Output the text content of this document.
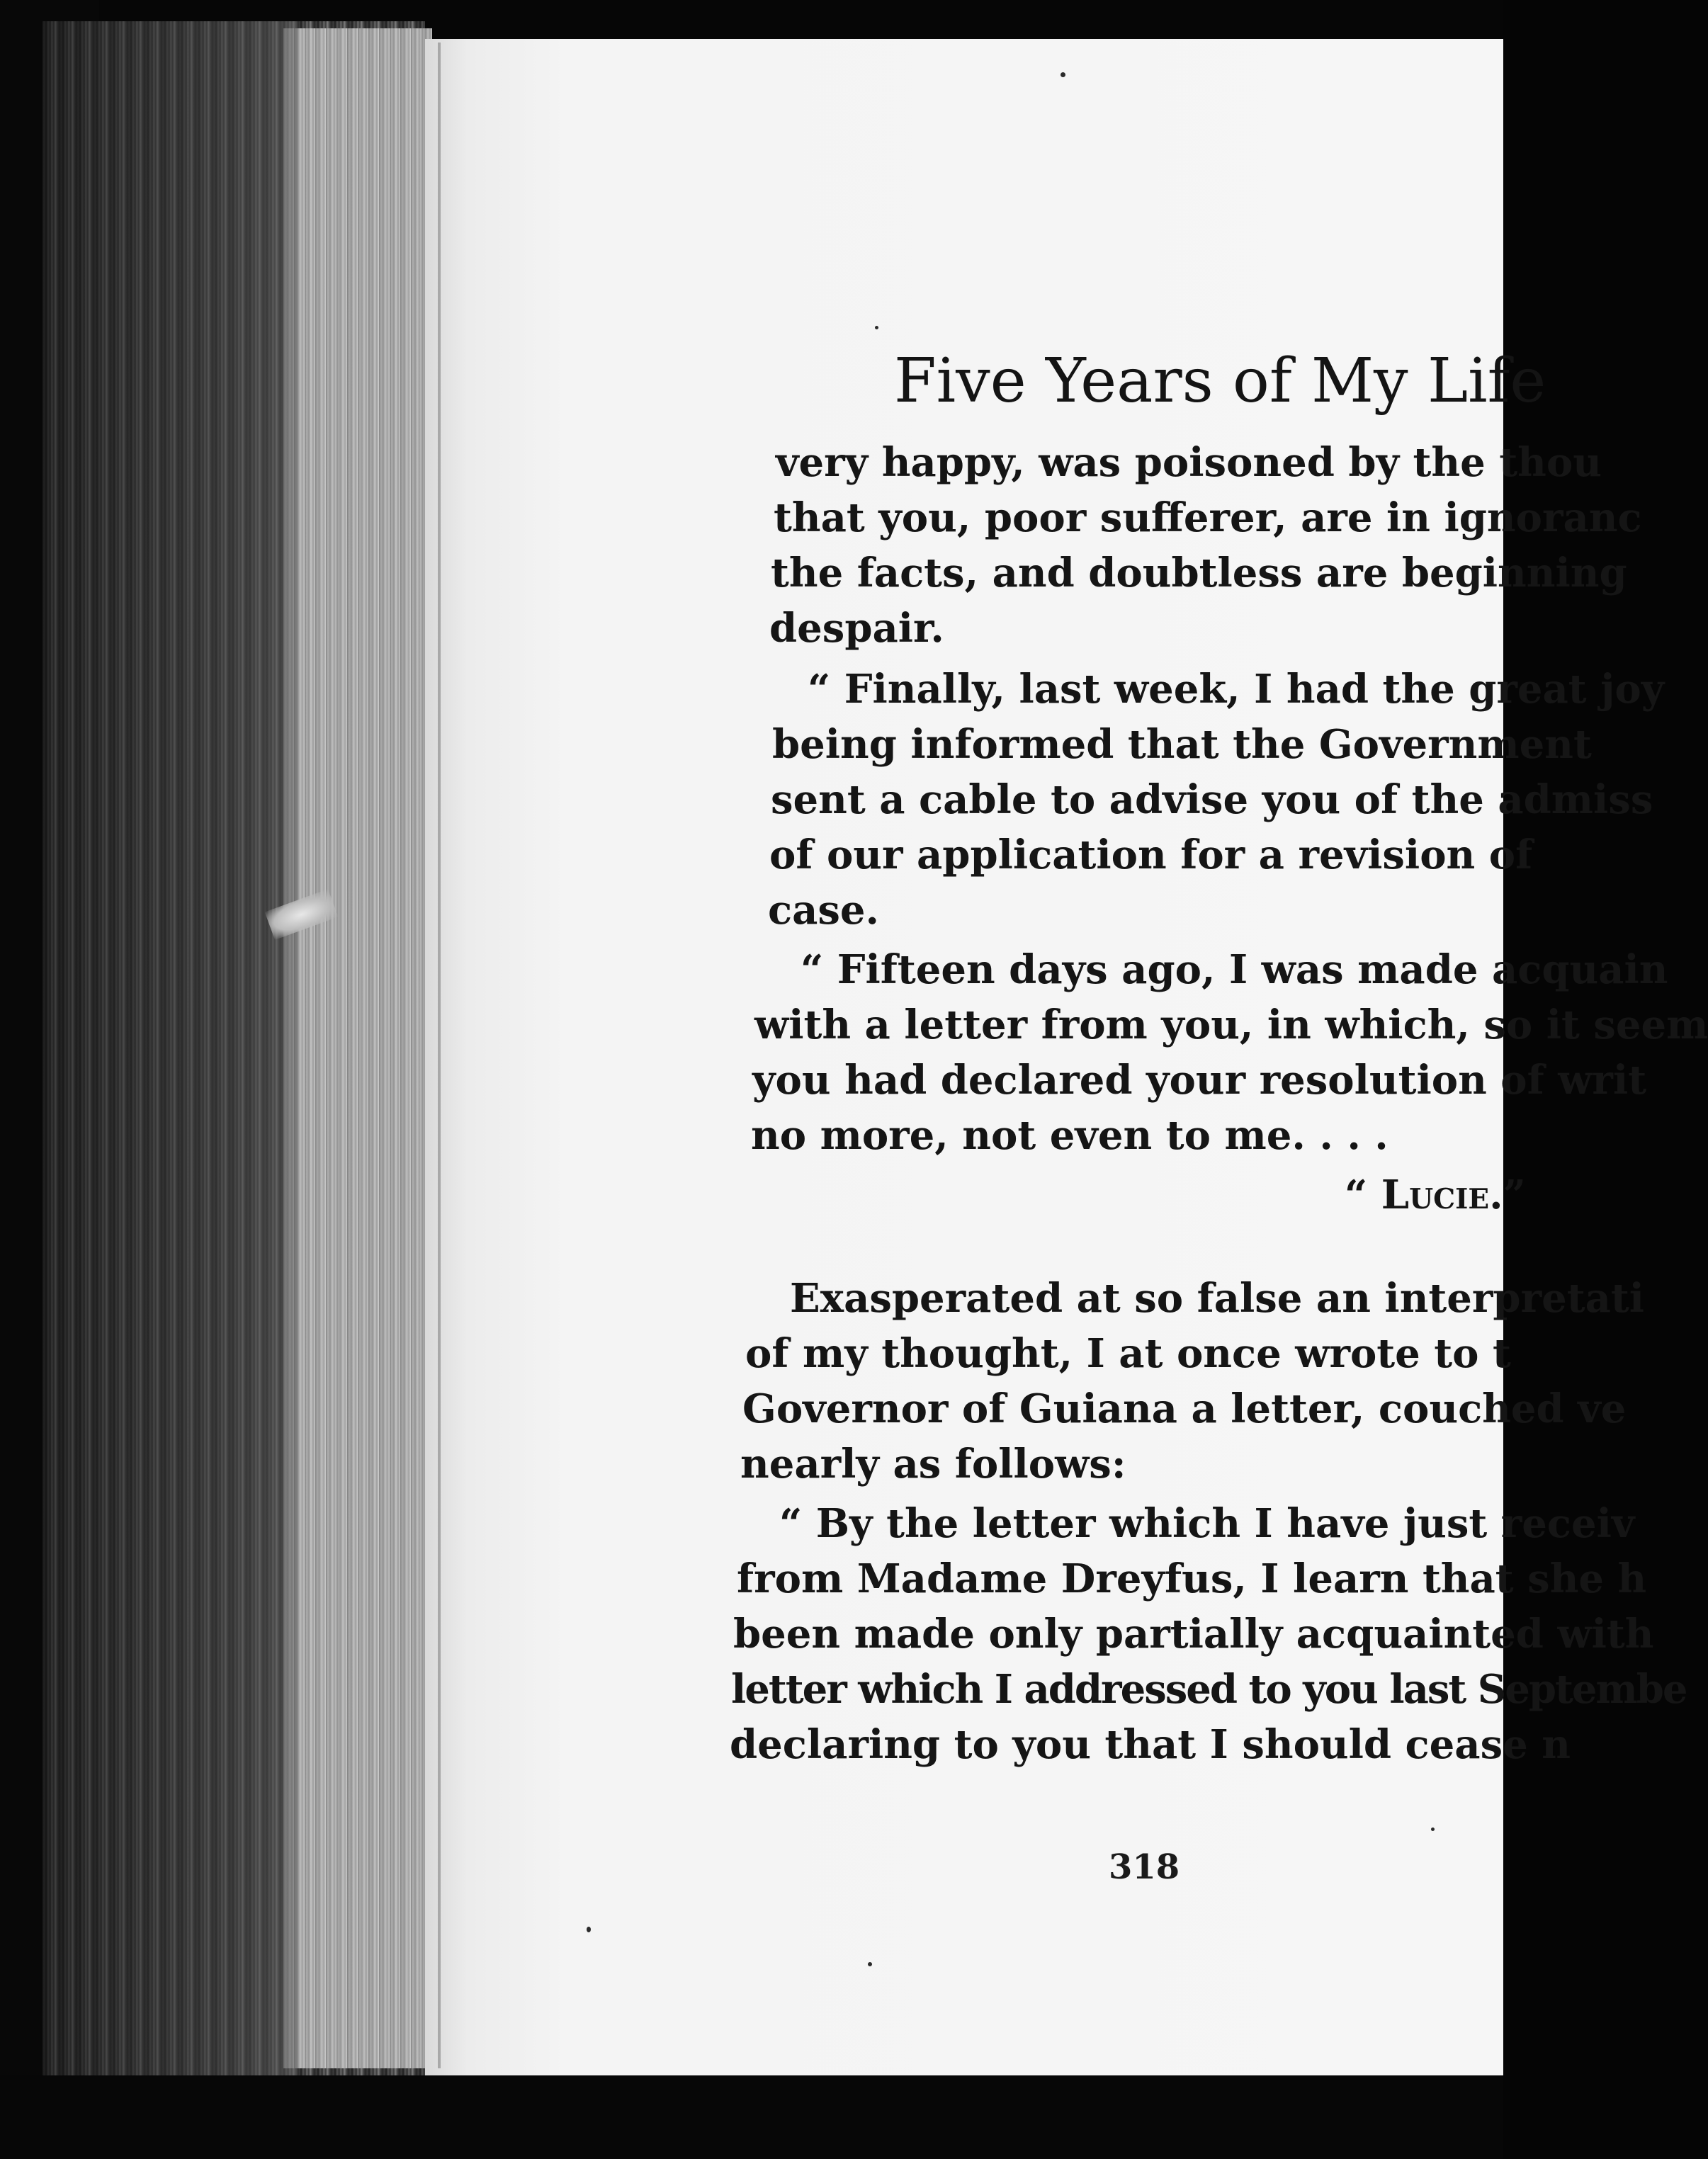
Five Years of My Life
very happy, was poisoned by the thou
that you, poor sufferer, are in ignoranc
the facts, and doubtless are beginning
despair.
“ Finally, last week, I had the great joy
being informed that the Government
sent a cable to advise you of the admiss
of our application for a revision of
case.
“ Fifteen days ago, I was made acquain
with a letter from you, in which, so it seem
you had declared your resolution of writ
no more, not even to me. . . .
“ Lucie.”
Exasperated at so false an interpretati
of my thought, I at once wrote to t
Governor of Guiana a letter, couched ve
nearly as follows:
“ By the letter which I have just receiv
from Madame Dreyfus, I learn that she h
been made only partially acquainted with
letter which I addressed to you last Septembe
declaring to you that I should cease n
318
